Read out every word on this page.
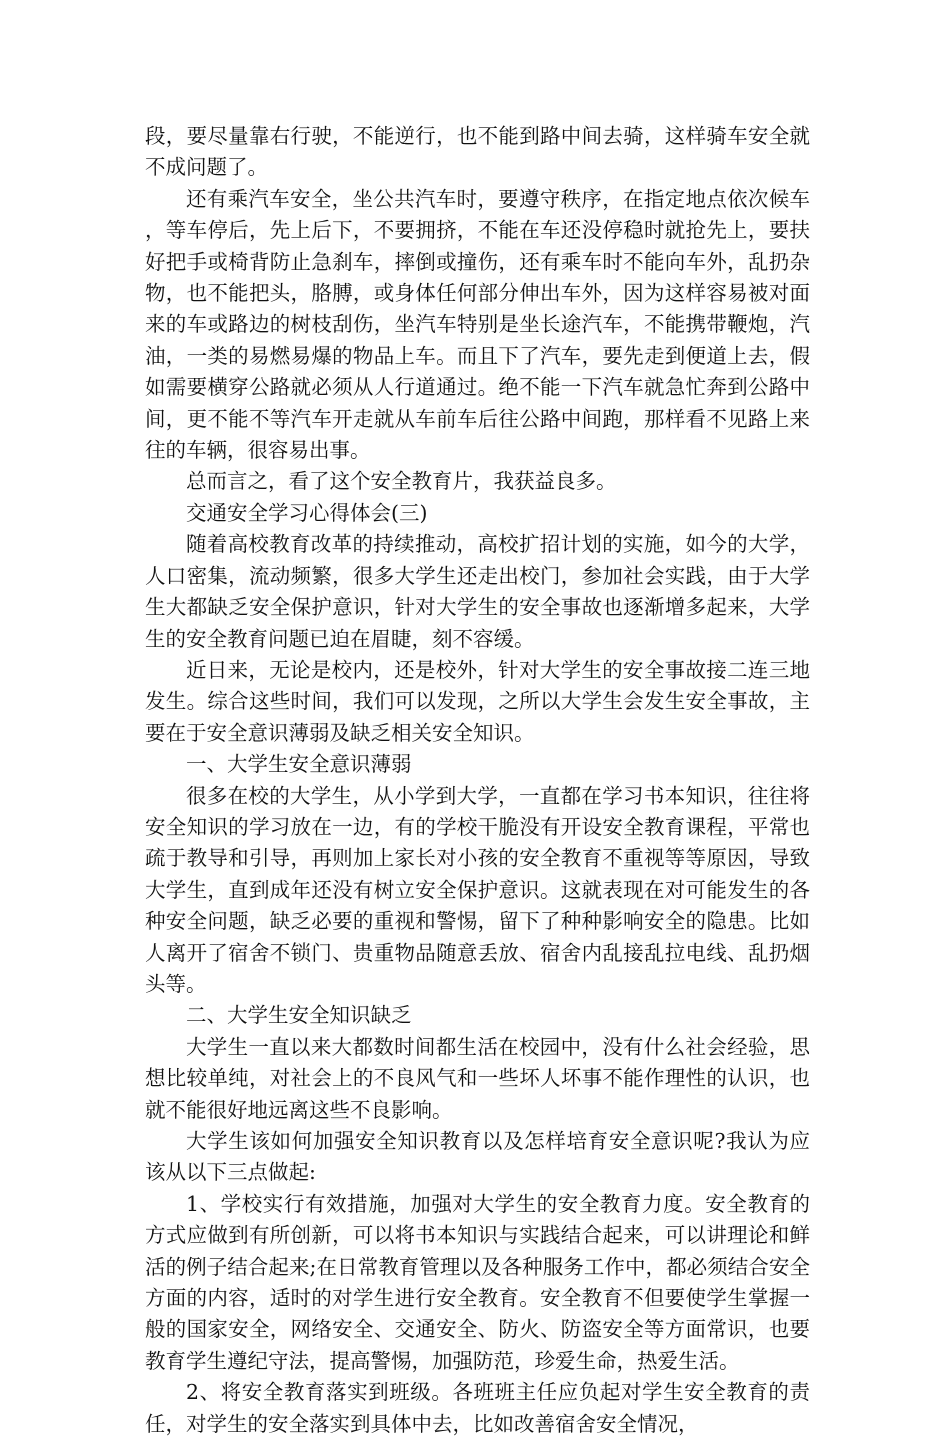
段，要尽量靠右行驶，不能逆行，也不能到路中间去骑，这样骑车安全就不成问题了。

还有乘汽车安全，坐公共汽车时，要遵守秩序，在指定地点依次候车，等车停后，先上后下，不要拥挤，不能在车还没停稳时就抢先上，要扶好把手或椅背防止急刹车，摔倒或撞伤，还有乘车时不能向车外，乱扔杂物，也不能把头，胳膊，或身体任何部分伸出车外，因为这样容易被对面来的车或路边的树枝刮伤，坐汽车特别是坐长途汽车，不能携带鞭炮，汽油，一类的易燃易爆的物品上车。而且下了汽车，要先走到便道上去，假如需要横穿公路就必须从人行道通过。绝不能一下汽车就急忙奔到公路中间，更不能不等汽车开走就从车前车后往公路中间跑，那样看不见路上来往的车辆，很容易出事。

总而言之，看了这个安全教育片，我获益良多。

交通安全学习心得体会(三)

随着高校教育改革的持续推动，高校扩招计划的实施，如今的大学，人口密集，流动频繁，很多大学生还走出校门，参加社会实践，由于大学生大都缺乏安全保护意识，针对大学生的安全事故也逐渐增多起来，大学生的安全教育问题已迫在眉睫，刻不容缓。

近日来，无论是校内，还是校外，针对大学生的安全事故接二连三地发生。综合这些时间，我们可以发现，之所以大学生会发生安全事故，主要在于安全意识薄弱及缺乏相关安全知识。

一、大学生安全意识薄弱

很多在校的大学生，从小学到大学，一直都在学习书本知识，往往将安全知识的学习放在一边，有的学校干脆没有开设安全教育课程，平常也疏于教导和引导，再则加上家长对小孩的安全教育不重视等等原因，导致大学生，直到成年还没有树立安全保护意识。这就表现在对可能发生的各种安全问题，缺乏必要的重视和警惕，留下了种种影响安全的隐患。比如人离开了宿舍不锁门、贵重物品随意丢放、宿舍内乱接乱拉电线、乱扔烟头等。

二、大学生安全知识缺乏

大学生一直以来大都数时间都生活在校园中，没有什么社会经验，思想比较单纯，对社会上的不良风气和一些坏人坏事不能作理性的认识，也就不能很好地远离这些不良影响。

大学生该如何加强安全知识教育以及怎样培育安全意识呢?我认为应该从以下三点做起:

1、学校实行有效措施，加强对大学生的安全教育力度。安全教育的方式应做到有所创新，可以将书本知识与实践结合起来，可以讲理论和鲜活的例子结合起来;在日常教育管理以及各种服务工作中，都必须结合安全方面的内容，适时的对学生进行安全教育。安全教育不但要使学生掌握一般的国家安全，网络安全、交通安全、防火、防盗安全等方面常识，也要教育学生遵纪守法，提高警惕，加强防范，珍爱生命，热爱生活。

2、将安全教育落实到班级。各班班主任应负起对学生安全教育的责任，对学生的安全落实到具体中去，比如改善宿舍安全情况，
